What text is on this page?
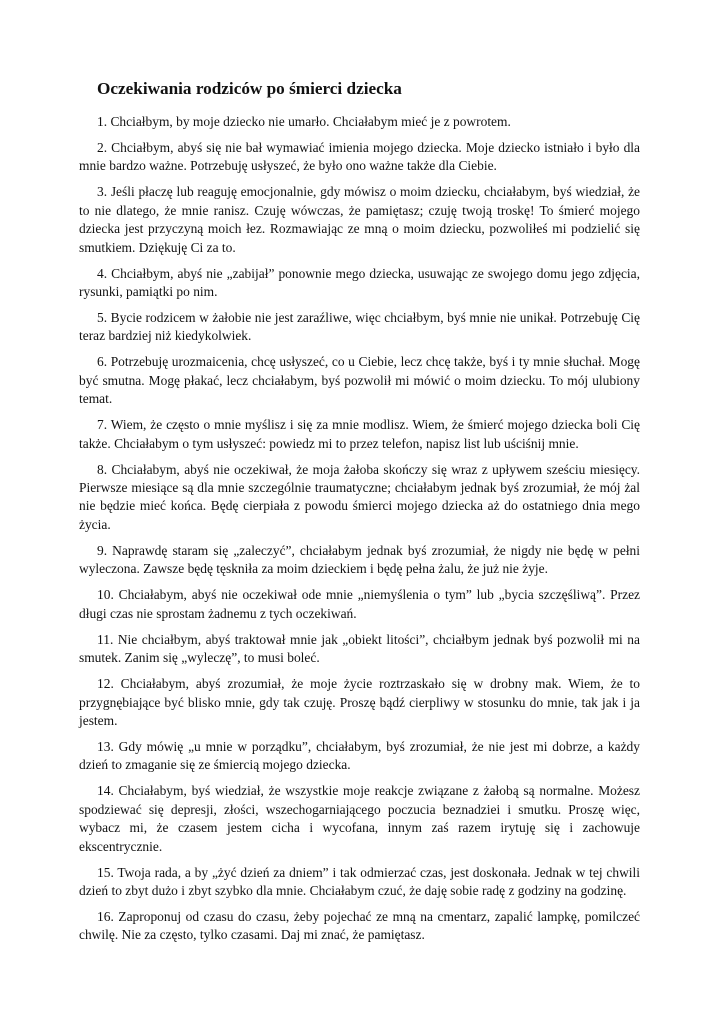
Oczekiwania rodziców po śmierci dziecka

1. Chciałbym, by moje dziecko nie umarło. Chciałabym mieć je z powrotem.

2. Chciałbym, abyś się nie bał wymawiać imienia mojego dziecka. Moje dziecko istniało i było dla mnie bardzo ważne. Potrzebuję usłyszeć, że było ono ważne także dla Ciebie.

3. Jeśli płaczę lub reaguję emocjonalnie, gdy mówisz o moim dziecku, chciałabym, byś wiedział, że to nie dlatego, że mnie ranisz. Czuję wówczas, że pamiętasz; czuję twoją troskę! To śmierć mojego dziecka jest przyczyną moich łez. Rozmawiając ze mną o moim dziecku, pozwoliłeś mi podzielić się smutkiem. Dziękuję Ci za to.

4. Chciałbym, abyś nie „zabijał” ponownie mego dziecka, usuwając ze swojego domu jego zdjęcia, rysunki, pamiątki po nim.

5. Bycie rodzicem w żałobie nie jest zaraźliwe, więc chciałbym, byś mnie nie unikał. Potrzebuję Cię teraz bardziej niż kiedykolwiek.

6. Potrzebuję urozmaicenia, chcę usłyszeć, co u Ciebie, lecz chcę także, byś i ty mnie słuchał. Mogę być smutna. Mogę płakać, lecz chciałabym, byś pozwolił mi mówić o moim dziecku. To mój ulubiony temat.

7. Wiem, że często o mnie myślisz i się za mnie modlisz. Wiem, że śmierć mojego dziecka boli Cię także. Chciałabym o tym usłyszeć: powiedz mi to przez telefon, napisz list lub uściśnij mnie.

8. Chciałabym, abyś nie oczekiwał, że moja żałoba skończy się wraz z upływem sześciu miesięcy. Pierwsze miesiące są dla mnie szczególnie traumatyczne; chciałabym jednak byś zrozumiał, że mój żal nie będzie mieć końca. Będę cierpiała z powodu śmierci mojego dziecka aż do ostatniego dnia mego życia.

9. Naprawdę staram się „zaleczyć”, chciałabym jednak byś zrozumiał, że nigdy nie będę w pełni wyleczona. Zawsze będę tęskniła za moim dzieckiem i będę pełna żalu, że już nie żyje.

10. Chciałabym, abyś nie oczekiwał ode mnie „niemyślenia o tym” lub „bycia szczęśliwą”. Przez długi czas nie sprostam żadnemu z tych oczekiwań.

11. Nie chciałbym, abyś traktował mnie jak „obiekt litości”, chciałbym jednak byś pozwolił mi na smutek. Zanim się „wyleczę”, to musi boleć.

12. Chciałabym, abyś zrozumiał, że moje życie roztrzaskało się w drobny mak. Wiem, że to przygnębiające być blisko mnie, gdy tak czuję. Proszę bądź cierpliwy w stosunku do mnie, tak jak i ja jestem.

13. Gdy mówię „u mnie w porządku”, chciałabym, byś zrozumiał, że nie jest mi dobrze, a każdy dzień to zmaganie się ze śmiercią mojego dziecka.

14. Chciałabym, byś wiedział, że wszystkie moje reakcje związane z żałobą są normalne. Możesz spodziewać się depresji, złości, wszechogarniającego poczucia beznadziei i smutku. Proszę więc, wybacz mi, że czasem jestem cicha i wycofana, innym zaś razem irytuję się i zachowuje ekscentrycznie.

15. Twoja rada, a by „żyć dzień za dniem” i tak odmierzać czas, jest doskonała. Jednak w tej chwili dzień to zbyt dużo i zbyt szybko dla mnie. Chciałabym czuć, że daję sobie radę z godziny na godzinę.

16. Zaproponuj od czasu do czasu, żeby pojechać ze mną na cmentarz, zapalić lampkę, pomilczeć chwilę. Nie za często, tylko czasami. Daj mi znać, że pamiętasz.
